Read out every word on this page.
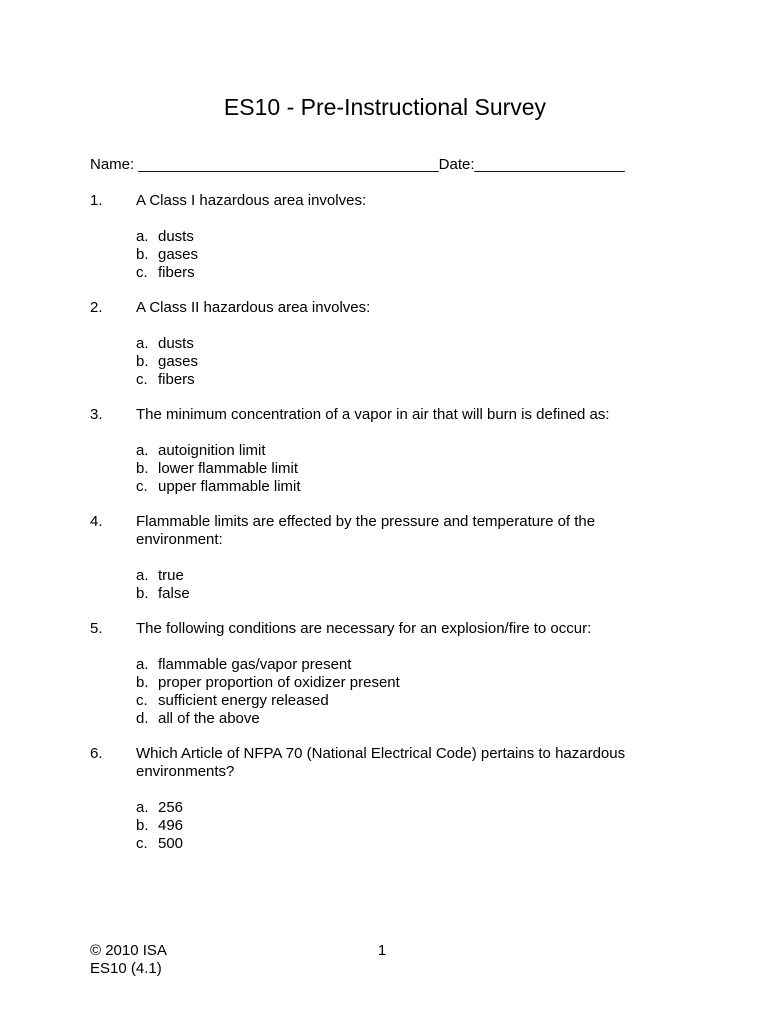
ES10 - Pre-Instructional Survey
Name: ____________________________________Date:__________________
1. A Class I hazardous area involves:
a. dusts
b. gases
c. fibers
2. A Class II hazardous area involves:
a. dusts
b. gases
c. fibers
3. The minimum concentration of a vapor in air that will burn is defined as:
a. autoignition limit
b. lower flammable limit
c. upper flammable limit
4. Flammable limits are effected by the pressure and temperature of the environment:
a. true
b. false
5. The following conditions are necessary for an explosion/fire to occur:
a. flammable gas/vapor present
b. proper proportion of oxidizer present
c. sufficient energy released
d. all of the above
6. Which Article of NFPA 70 (National Electrical Code) pertains to hazardous environments?
a. 256
b. 496
c. 500
© 2010 ISA
ES10 (4.1)
1
